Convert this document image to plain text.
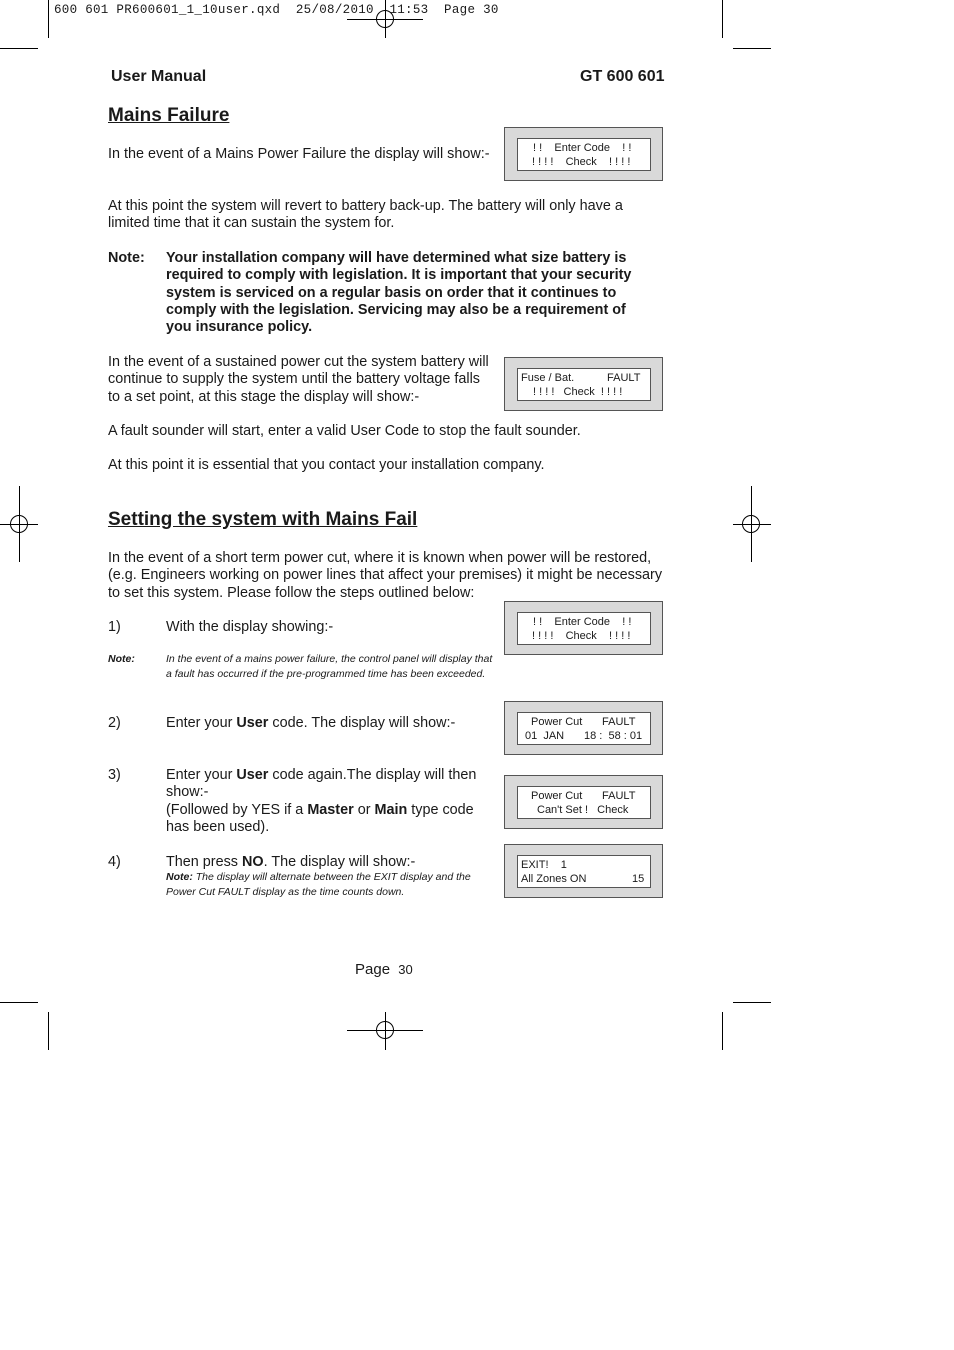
600 601 PR600601_1_10user.qxd  25/08/2010  11:53  Page 30
User Manual	GT 600 601
Mains Failure
In the event of a Mains Power Failure the display will show:-	! !    Enter Code    ! !
! ! ! !    Check    ! ! ! !
At this point the system will revert to battery back-up. The battery will only have a
limited time that it can sustain the system for.
Note: Your installation company will have determined what size battery is required to comply with legislation. It is important that your security system is serviced on a regular basis on order that it continues to comply with the legislation. Servicing may also be a requirement of you insurance policy.
In the event of a sustained power cut the system battery will
continue to supply the system until the battery voltage falls
to a set point, at this stage the display will show:-
Fuse / Bat.	FAULT
! ! ! !   Check  ! ! ! !
A fault sounder will start, enter a valid User Code to stop the fault sounder.
At this point it is essential that you contact your installation company.
Setting the system with Mains Fail
In the event of a short term power cut, where it is known when power will be restored,
(e.g. Engineers working on power lines that affect your premises) it might be necessary
to set this system. Please follow the steps outlined below:
1)	With the display showing:-	! !    Enter Code    ! !
! ! ! !    Check    ! ! ! !
Note:	In the event of a mains power failure, the control panel will display that a fault has occurred if the pre-programmed time has been exceeded.
2)	Enter your User code. The display will show:-	Power Cut FAULT
01  JAN 18 :  58 : 01
3)	Enter your User code again.The display will then show:-
(Followed by YES if a Master or Main type code has been used).
Power Cut FAULT
Can't Set !   Check
4)	Then press NO. The display will show:-
Note: The display will alternate between the EXIT display and the Power Cut FAULT display as the time counts down.
EXIT!    1
All Zones ON	15
Page 30
